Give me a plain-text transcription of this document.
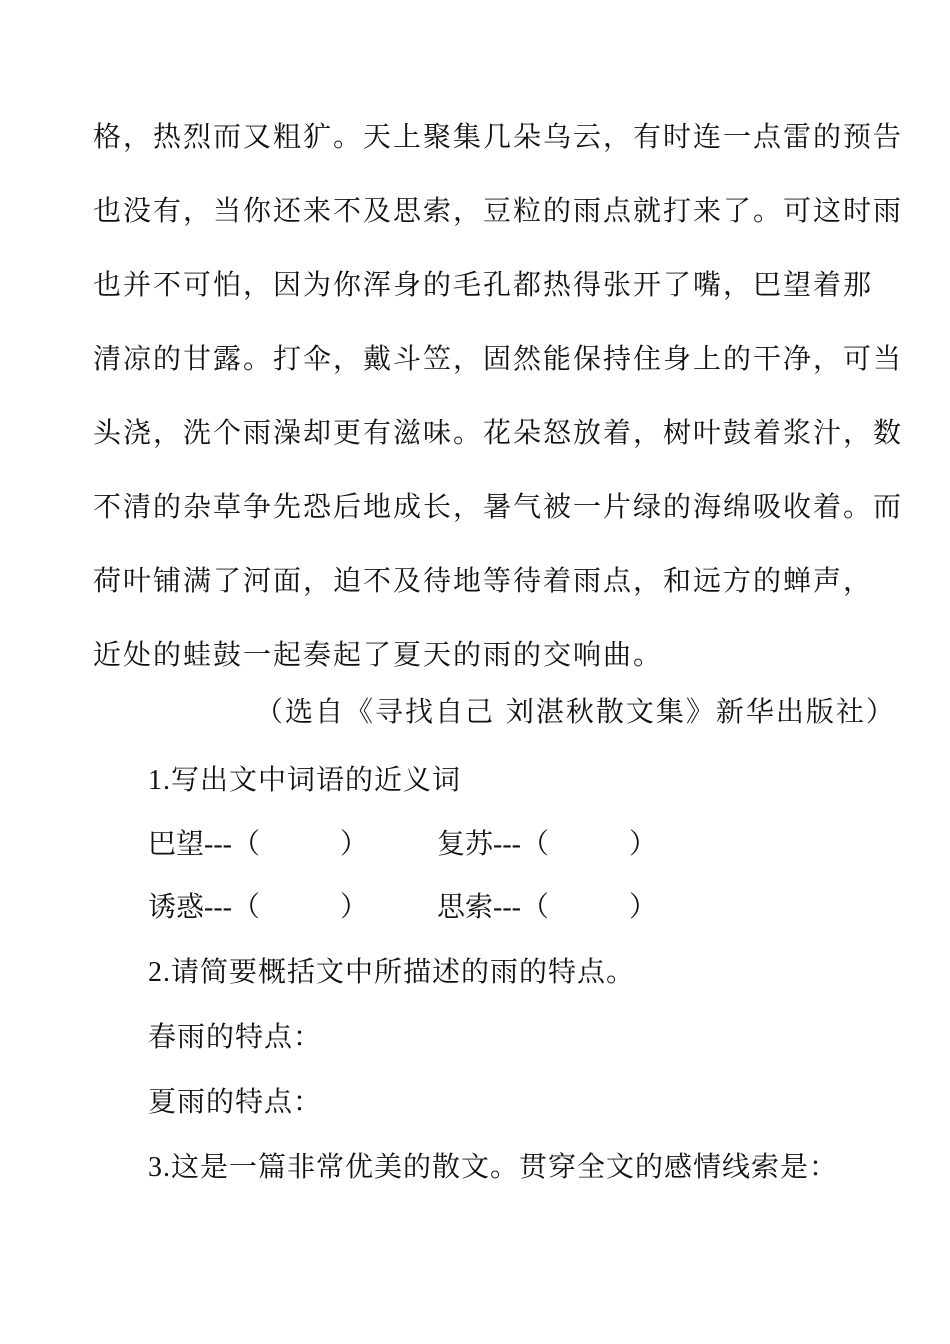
格，热烈而又粗犷。天上聚集几朵乌云，有时连一点雷的预告
也没有，当你还来不及思索，豆粒的雨点就打来了。可这时雨
也并不可怕，因为你浑身的毛孔都热得张开了嘴，巴望着那
清凉的甘露。打伞，戴斗笠，固然能保持住身上的干净，可当
头浇，洗个雨澡却更有滋味。花朵怒放着，树叶鼓着浆汁，数
不清的杂草争先恐后地成长，暑气被一片绿的海绵吸收着。而
荷叶铺满了河面，迫不及待地等待着雨点，和远方的蝉声，
近处的蛙鼓一起奏起了夏天的雨的交响曲。
（选自《寻找自己 刘湛秋散文集》新华出版社）
1.写出文中词语的近义词
巴望---（	） 复苏---（	）
诱惑---（	） 思索---（	）
2.请简要概括文中所描述的雨的特点。
春雨的特点：
夏雨的特点：
3.这是一篇非常优美的散文。贯穿全文的感情线索是：
